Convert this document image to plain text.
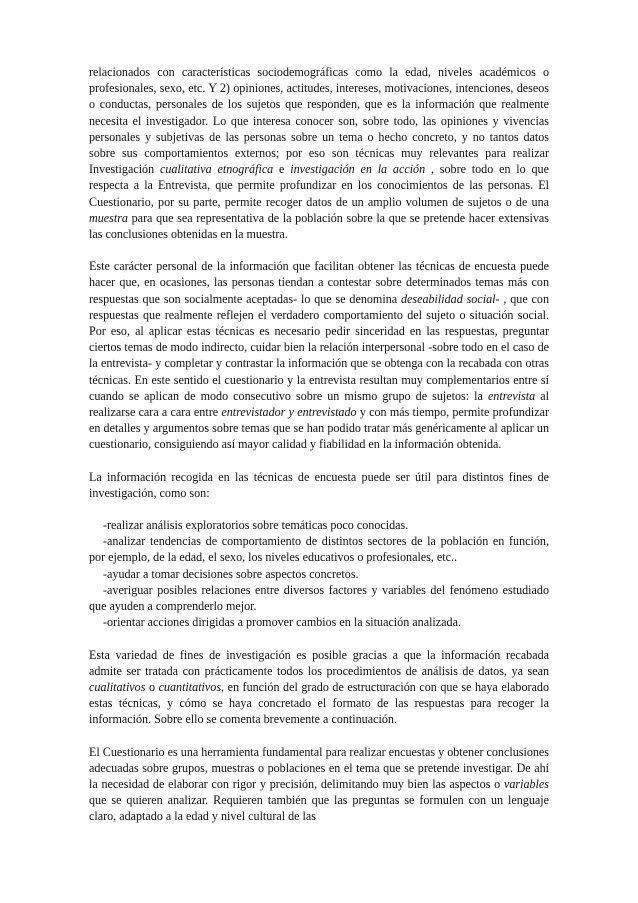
relacionados con características sociodemográficas como la edad, niveles académicos o profesionales, sexo, etc. Y 2) opiniones, actitudes, intereses, motivaciones, intenciones, deseos o conductas, personales de los sujetos que responden, que es la información que realmente necesita el investigador. Lo que interesa conocer son, sobre todo, las opiniones y vivencias personales y subjetivas de las personas sobre un tema o hecho concreto, y no tantos datos sobre sus comportamientos externos; por eso son técnicas muy relevantes para realizar Investigación cualitativa etnográfica e investigación en la acción , sobre todo en lo que respecta a la Entrevista, que permite profundizar en los conocimientos de las personas. El Cuestionario, por su parte, permite recoger datos de un amplio volumen de sujetos o de una muestra para que sea representativa de la población sobre la que se pretende hacer extensivas las conclusiones obtenidas en la muestra.

Este carácter personal de la información que facilitan obtener las técnicas de encuesta puede hacer que, en ocasiones, las personas tiendan a contestar sobre determinados temas más con respuestas que son socialmente aceptadas- lo que se denomina deseabilidad social- , que con respuestas que realmente reflejen el verdadero comportamiento del sujeto o situación social. Por eso, al aplicar estas técnicas es necesario pedir sinceridad en las respuestas, preguntar ciertos temas de modo indirecto, cuidar bien la relación interpersonal -sobre todo en el caso de la entrevista- y completar y contrastar la información que se obtenga con la recabada con otras técnicas. En este sentido el cuestionario y la entrevista resultan muy complementarios entre sí cuando se aplican de modo consecutivo sobre un mismo grupo de sujetos: la entrevista al realizarse cara a cara entre entrevistador y entrevistado y con más tiempo, permite profundizar en detalles y argumentos sobre temas que se han podido tratar más genéricamente al aplicar un cuestionario, consiguiendo así mayor calidad y fiabilidad en la información obtenida.

La información recogida en las técnicas de encuesta puede ser útil para distintos fines de investigación, como son:

-realizar análisis exploratorios sobre temáticas poco conocidas.

-analizar tendencias de comportamiento de distintos sectores de la población en función, por ejemplo, de la edad, el sexo, los niveles educativos o profesionales, etc..

-ayudar a tomar decisiones sobre aspectos concretos.

-averiguar posibles relaciones entre diversos factores y variables del fenómeno estudiado que ayuden a comprenderlo mejor.

-orientar acciones dirigidas a promover cambios en la situación analizada.

Esta variedad de fines de investigación es posible gracias a que la información recabada admite ser tratada con prácticamente todos los procedimientos de análisis de datos, ya sean cualitativos o cuantitativos, en función del grado de estructuración con que se haya elaborado estas técnicas, y cómo se haya concretado el formato de las respuestas para recoger la información. Sobre ello se comenta brevemente a continuación.

El Cuestionario es una herramienta fundamental para realizar encuestas y obtener conclusiones adecuadas sobre grupos, muestras o poblaciones en el tema que se pretende investigar. De ahí la necesidad de elaborar con rigor y precisión, delimitando muy bien las aspectos o variables que se quieren analizar. Requieren también que las preguntas se formulen con un lenguaje claro, adaptado a la edad y nivel cultural de las
